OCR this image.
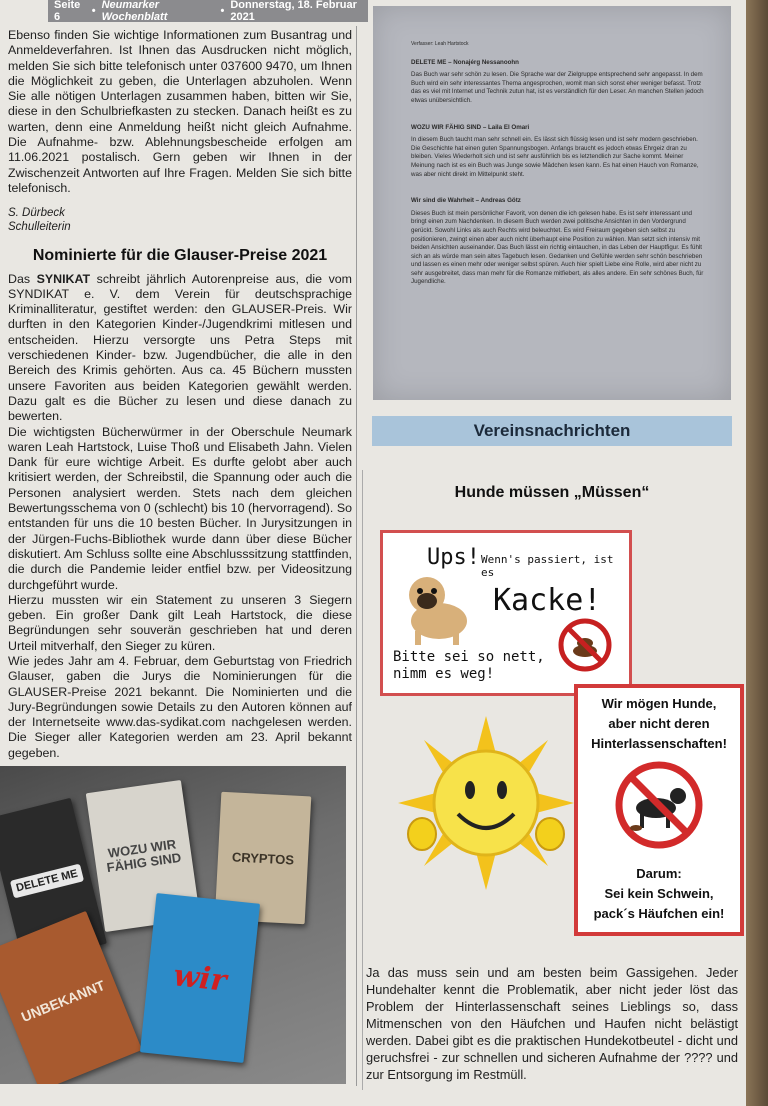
Seite 6	• Neumarker Wochenblatt	• Donnerstag, 18. Februar 2021

Ebenso finden Sie wichtige Informationen zum Busantrag und Anmeldeverfahren. Ist Ihnen das Ausdrucken nicht möglich, melden Sie sich bitte telefonisch unter 037600 9470, um Ihnen die Möglichkeit zu geben, die Unterlagen abzuholen. Wenn Sie alle nötigen Unterlagen zusammen haben, bitten wir Sie, diese in den Schulbriefkasten zu stecken. Danach heißt es zu warten, denn eine Anmeldung heißt nicht gleich Aufnahme. Die Aufnahme- bzw. Ablehnungsbescheide erfolgen am 11.06.2021 postalisch. Gern geben wir Ihnen in der Zwischenzeit Antworten auf Ihre Fragen. Melden Sie sich bitte telefonisch.

S. Dürbeck
Schulleiterin
Nominierte für die Glauser-Preise 2021

Das SYNIKAT schreibt jährlich Autorenpreise aus, die vom SYNDIKAT e. V. dem Verein für deutschsprachige Kriminalliteratur, gestiftet werden: den GLAUSER-Preis. Wir durften in den Kategorien Kinder-/Jugendkrimi mitlesen und entscheiden. Hierzu versorgte uns Petra Steps mit verschiedenen Kinder- bzw. Jugendbücher, die alle in den Bereich des Krimis gehörten. Aus ca. 45 Büchern mussten unsere Favoriten aus beiden Kategorien gewählt werden. Dazu galt es die Bücher zu lesen und diese danach zu bewerten.

Die wichtigsten Bücherwürmer in der Oberschule Neumark waren Leah Hartstock, Luise Thoß und Elisabeth Jahn. Vielen Dank für eure wichtige Arbeit. Es durfte gelobt aber auch kritisiert werden, der Schreibstil, die Spannung oder auch die Personen analysiert werden. Stets nach dem gleichen Bewertungsschema von 0 (schlecht) bis 10 (hervorragend). So entstanden für uns die 10 besten Bücher. In Jurysitzungen in der Jürgen-Fuchs-Bibliothek wurde dann über diese Bücher diskutiert. Am Schluss sollte eine Abschlusssitzung stattfinden, die durch die Pandemie leider entfiel bzw. per Videositzung durchgeführt wurde.

Hierzu mussten wir ein Statement zu unseren 3 Siegern geben. Ein großer Dank gilt Leah Hartstock, die diese Begründungen sehr souverän geschrieben hat und deren Urteil mitverhalf, den Sieger zu küren.

Wie jedes Jahr am 4. Februar, dem Geburtstag von Friedrich Glauser, gaben die Jurys die Nominierungen für die GLAUSER-Preise 2021 bekannt. Die Nominierten und die Jury-Begründungen sowie Details zu den Autoren können auf der Internetseite www.das-sydikat.com nachgelesen werden. Die Sieger aller Kategorien werden am 23. April bekannt gegeben.

DELETE ME
WOZU WIR FÄHIG SIND	CRYPTOS
UNBEKANNT wir
Verfasser: Leah Hartstock
DELETE ME – Nonajérg Nessanoohn
Das Buch war sehr schön zu lesen. Die Sprache war der Zielgruppe entsprechend sehr angepasst. In dem Buch wird ein sehr interessantes Thema angesprochen, womit man sich sonst eher weniger befasst. Trotz das es viel mit Internet und Technik zutun hat, ist es verständlich für den Leser. An manchen Stellen jedoch etwas unübersichtlich.
WOZU WIR FÄHIG SIND – Laila El Omari
In diesem Buch taucht man sehr schnell ein. Es lässt sich flüssig lesen und ist sehr modern geschrieben. Die Geschichte hat einen guten Spannungsbogen. Anfangs braucht es jedoch etwas Ehrgeiz dran zu bleiben. Vieles Wiederholt sich und ist sehr ausführlich bis es letztendlich zur Sache kommt. Meiner Meinung nach ist es ein Buch was Junge sowie Mädchen lesen kann. Es hat einen Hauch von Romanze, was aber nicht direkt im Mittelpunkt steht.
Wir sind die Wahrheit – Andreas Götz
Dieses Buch ist mein persönlicher Favorit, von denen die ich gelesen habe. Es ist sehr interessant und bringt einen zum Nachdenken. In diesem Buch werden zwei politische Ansichten in den Vordergrund gerückt. Sowohl Links als auch Rechts wird beleuchtet. Es wird Freiraum gegeben sich selbst zu positionieren, zwingt einen aber auch nicht überhaupt eine Position zu wählen. Man setzt sich intensiv mit beiden Ansichten auseinander. Das Buch lässt ein richtig eintauchen, in das Leben der Hauptfigur. Es fühlt sich an als würde man sein altes Tagebuch lesen. Gedanken und Gefühle werden sehr schön beschrieben und lassen es einen mehr oder weniger selbst spüren. Auch hier spielt Liebe eine Rolle, wird aber nicht zu sehr ausgebreitet, dass man mehr für die Romanze mitfiebert, als alles andere. Ein sehr schönes Buch, für Jugendliche.
Vereinsnachrichten
Hunde müssen „Müssen“
Ups! Wenn's passiert, ist es
Kacke!
Bitte sei so nett,
nimm es weg!
Wir mögen Hunde,
aber nicht deren
Hinterlassenschaften!
Darum:
Sei kein Schwein,
pack´s Häufchen ein!

Ja das muss sein und am besten beim Gassigehen. Jeder Hundehalter kennt die Problematik, aber nicht jeder löst das Problem der Hinterlassenschaft seines Lieblings so, dass Mitmenschen von den Häufchen und Haufen nicht belästigt werden. Dabei gibt es die praktischen Hundekotbeutel - dicht und geruchsfrei - zur schnellen und sicheren Aufnahme der ???? und zur Entsorgung im Restmüll.
